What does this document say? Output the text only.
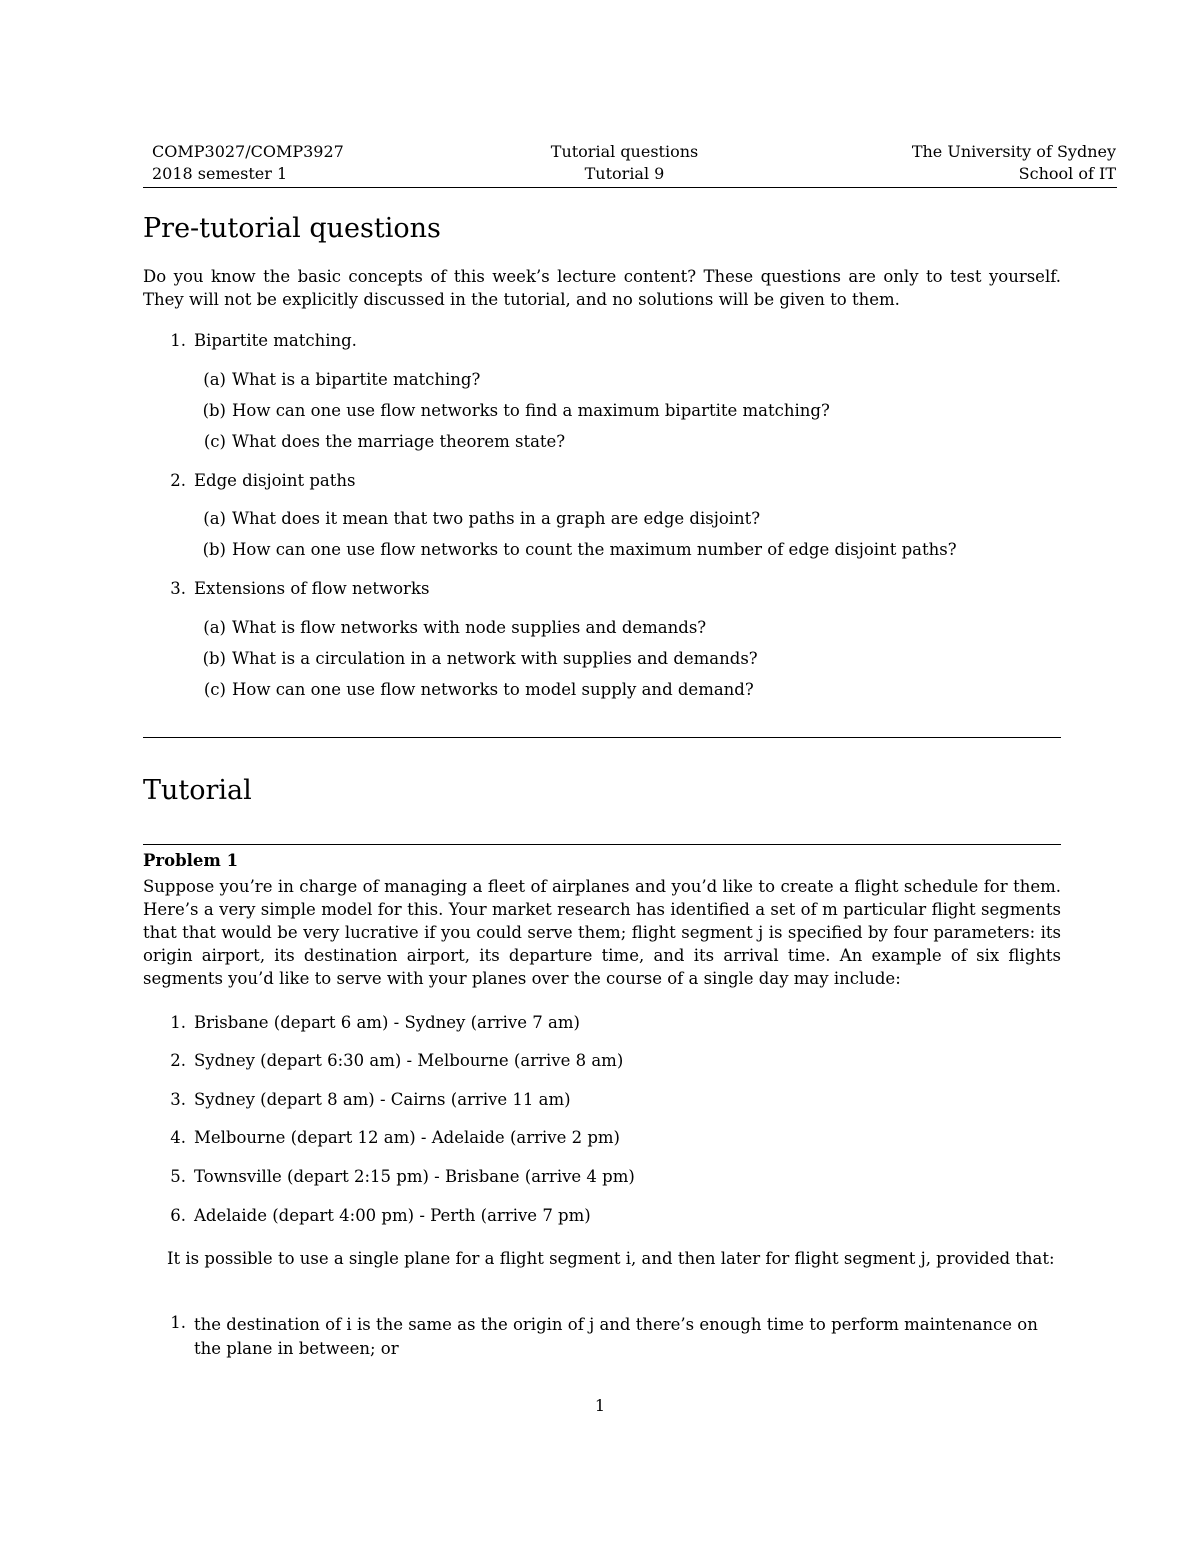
COMP3027/COMP3927	Tutorial questions	The University of Sydney
2018 semester 1	Tutorial 9	School of IT
Pre-tutorial questions

Do you know the basic concepts of this week’s lecture content? These questions are only to test yourself. They will not be explicitly discussed in the tutorial, and no solutions will be given to them.

1. Bipartite matching.
(a) What is a bipartite matching?
(b) How can one use flow networks to find a maximum bipartite matching?
(c) What does the marriage theorem state?
2. Edge disjoint paths
(a) What does it mean that two paths in a graph are edge disjoint?
(b) How can one use flow networks to count the maximum number of edge disjoint paths?
3. Extensions of flow networks
(a) What is flow networks with node supplies and demands?
(b) What is a circulation in a network with supplies and demands?
(c) How can one use flow networks to model supply and demand?
Tutorial

Problem 1

Suppose you’re in charge of managing a fleet of airplanes and you’d like to create a flight schedule for them. Here’s a very simple model for this. Your market research has identified a set of m particular flight segments that that would be very lucrative if you could serve them; flight segment j is specified by four parameters: its origin airport, its destination airport, its departure time, and its arrival time. An example of six flights segments you’d like to serve with your planes over the course of a single day may include:

1. Brisbane (depart 6 am) - Sydney (arrive 7 am)
2. Sydney (depart 6:30 am) - Melbourne (arrive 8 am)
3. Sydney (depart 8 am) - Cairns (arrive 11 am)
4. Melbourne (depart 12 am) - Adelaide (arrive 2 pm)
5. Townsville (depart 2:15 pm) - Brisbane (arrive 4 pm)
6. Adelaide (depart 4:00 pm) - Perth (arrive 7 pm)

It is possible to use a single plane for a flight segment i, and then later for flight segment j, provided that:

1. the destination of i is the same as the origin of j and there’s enough time to perform maintenance on the plane in between; or
1
